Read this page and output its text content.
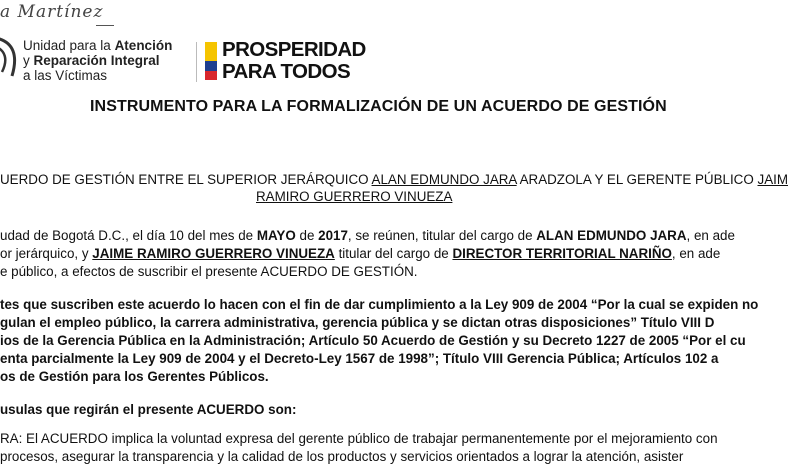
a Martínez
Unidad para la Atención
y Reparación Integral
a las Víctimas
PROSPERIDAD
PARA TODOS
INSTRUMENTO PARA LA FORMALIZACIÓN DE UN ACUERDO DE GESTIÓN
UERDO DE GESTIÓN ENTRE EL SUPERIOR JERÁRQUICO ALAN EDMUNDO JARA ARADZOLA Y EL GERENTE PÚBLICO JAIM
RAMIRO GUERRERO VINUEZA
udad de Bogotá D.C., el día 10 del mes de MAYO de 2017, se reúnen, titular del cargo de ALAN EDMUNDO JARA, en ade
or jerárquico, y JAIME RAMIRO GUERRERO VINUEZA titular del cargo de DIRECTOR TERRITORIAL NARIÑO, en ade
e público, a efectos de suscribir el presente ACUERDO DE GESTIÓN.
tes que suscriben este acuerdo lo hacen con el fin de dar cumplimiento a la Ley 909 de 2004 “Por la cual se expiden no
gulan el empleo público, la carrera administrativa, gerencia pública y se dictan otras disposiciones” Título VIII D
ios de la Gerencia Pública en la Administración; Artículo 50 Acuerdo de Gestión y su Decreto 1227 de 2005 “Por el cu
enta parcialmente la Ley 909 de 2004 y el Decreto-Ley 1567 de 1998”; Título VIII Gerencia Pública; Artículos 102 a
os de Gestión para los Gerentes Públicos.
usulas que regirán el presente ACUERDO son:
RA: El ACUERDO implica la voluntad expresa del gerente público de trabajar permanentemente por el mejoramiento con
procesos, asegurar la transparencia y la calidad de los productos y servicios orientados a lograr la atención, asister
